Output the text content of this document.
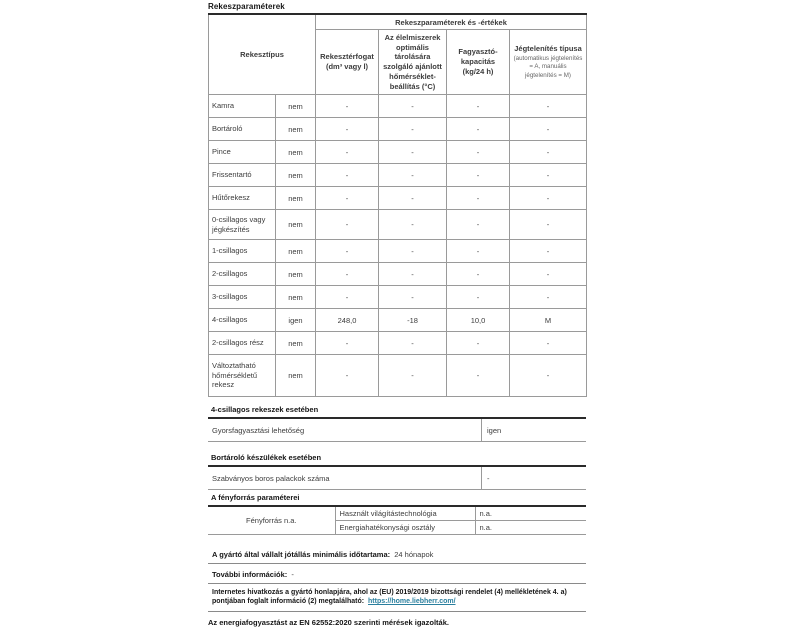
Rekeszparaméterek
Rekesztípus		Rekeszparaméterek és -értékek			
		Rekesztérfogat (dm³ vagy l)	Az élelmiszerek optimális tárolására szolgáló ajánlott hőmérséklet-beállítás (°C)	Fagyasztó-kapacitás (kg/24 h)	Jégtelenítés típusa
(automatikus jégtelenítés = A, manuális jégtelenítés = M)

Kamra	nem	-	-	-	-
Bortároló	nem	-	-	-	-
Pince	nem	-	-	-	-
Frissentartó	nem	-	-	-	-
Hűtőrekesz	nem	-	-	-	-
0-csillagos vagy jégkészítés	nem	-	-	-	-
1-csillagos	nem	-	-	-	-
2-csillagos	nem	-	-	-	-
3-csillagos	nem	-	-	-	-
4-csillagos	igen	248,0	-18	10,0	M
2-csillagos rész	nem	-	-	-	-
Változtatható hőmérsékletű rekesz	nem	-	-	-	-
4-csillagos rekeszek esetében
Gyorsfagyasztási lehetőség	igen
Bortároló készülékek esetében
Szabványos boros palackok száma	-
A fényforrás paraméterei
Fényforrás n.a.	Használt világítástechnológia	n.a.
	Energiahatékonysági osztály	n.a.
A gyártó által vállalt jótállás minimális időtartama: 24 hónapok
További információk: -
Internetes hivatkozás a gyártó honlapjára, ahol az (EU) 2019/2019 bizottsági rendelet (4) mellékletének 4. a) pontjában foglalt információ (2) megtalálható: https://home.liebherr.com/
Az energiafogyasztást az EN 62552:2020 szerinti mérések igazolták.
